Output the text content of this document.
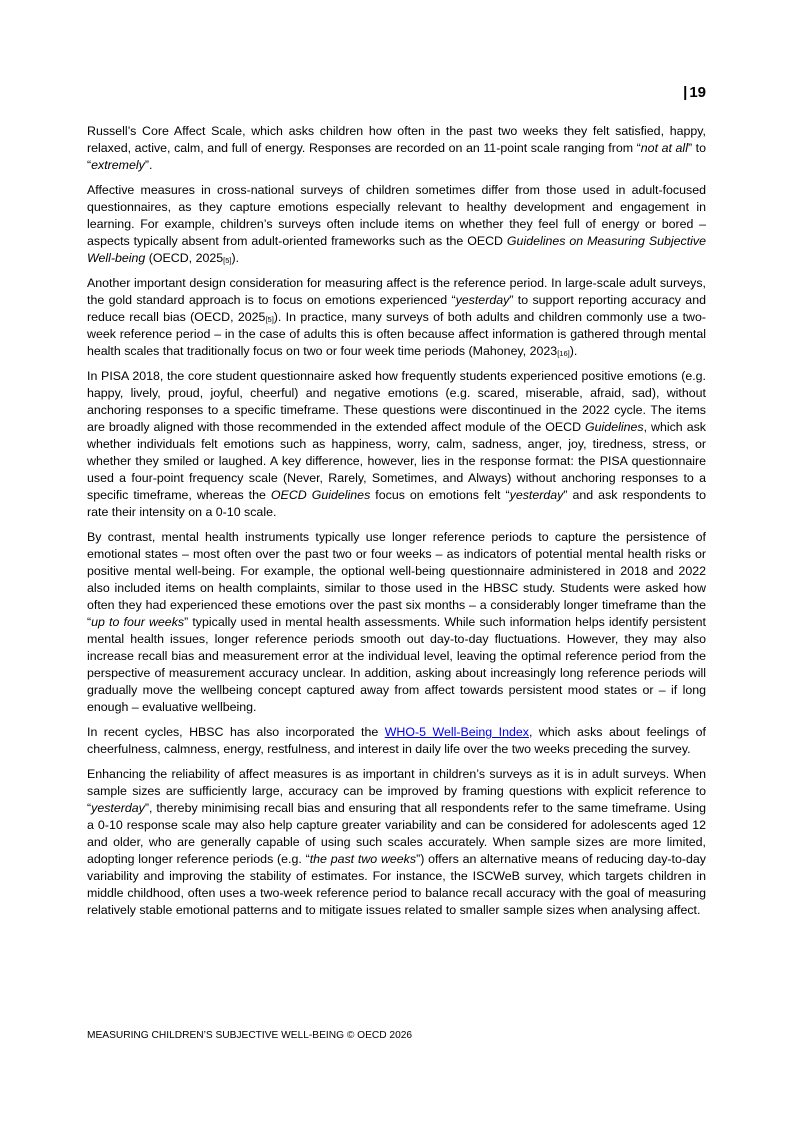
| 19

Russell’s Core Affect Scale, which asks children how often in the past two weeks they felt satisfied, happy, relaxed, active, calm, and full of energy. Responses are recorded on an 11-point scale ranging from “not at all” to “extremely”.

Affective measures in cross-national surveys of children sometimes differ from those used in adult-focused questionnaires, as they capture emotions especially relevant to healthy development and engagement in learning. For example, children’s surveys often include items on whether they feel full of energy or bored – aspects typically absent from adult-oriented frameworks such as the OECD Guidelines on Measuring Subjective Well-being (OECD, $2025_{[5]}$).

Another important design consideration for measuring affect is the reference period. In large-scale adult surveys, the gold standard approach is to focus on emotions experienced “yesterday” to support reporting accuracy and reduce recall bias (OECD, $2025_{[5]}$). In practice, many surveys of both adults and children commonly use a two-week reference period – in the case of adults this is often because affect information is gathered through mental health scales that traditionally focus on two or four week time periods (Mahoney, $2023_{[16]}$).

In PISA 2018, the core student questionnaire asked how frequently students experienced positive emotions (e.g. happy, lively, proud, joyful, cheerful) and negative emotions (e.g. scared, miserable, afraid, sad), without anchoring responses to a specific timeframe. These questions were discontinued in the 2022 cycle. The items are broadly aligned with those recommended in the extended affect module of the OECD Guidelines, which ask whether individuals felt emotions such as happiness, worry, calm, sadness, anger, joy, tiredness, stress, or whether they smiled or laughed. A key difference, however, lies in the response format: the PISA questionnaire used a four-point frequency scale (Never, Rarely, Sometimes, and Always) without anchoring responses to a specific timeframe, whereas the OECD Guidelines focus on emotions felt “yesterday” and ask respondents to rate their intensity on a 0-10 scale.

By contrast, mental health instruments typically use longer reference periods to capture the persistence of emotional states – most often over the past two or four weeks – as indicators of potential mental health risks or positive mental well-being. For example, the optional well-being questionnaire administered in 2018 and 2022 also included items on health complaints, similar to those used in the HBSC study. Students were asked how often they had experienced these emotions over the past six months – a considerably longer timeframe than the “up to four weeks” typically used in mental health assessments. While such information helps identify persistent mental health issues, longer reference periods smooth out day-to-day fluctuations. However, they may also increase recall bias and measurement error at the individual level, leaving the optimal reference period from the perspective of measurement accuracy unclear. In addition, asking about increasingly long reference periods will gradually move the wellbeing concept captured away from affect towards persistent mood states or – if long enough – evaluative wellbeing.

In recent cycles, HBSC has also incorporated the WHO-5 Well-Being Index, which asks about feelings of cheerfulness, calmness, energy, restfulness, and interest in daily life over the two weeks preceding the survey.

Enhancing the reliability of affect measures is as important in children’s surveys as it is in adult surveys. When sample sizes are sufficiently large, accuracy can be improved by framing questions with explicit reference to “yesterday”, thereby minimising recall bias and ensuring that all respondents refer to the same timeframe. Using a 0-10 response scale may also help capture greater variability and can be considered for adolescents aged 12 and older, who are generally capable of using such scales accurately. When sample sizes are more limited, adopting longer reference periods (e.g. “the past two weeks”) offers an alternative means of reducing day-to-day variability and improving the stability of estimates. For instance, the ISCWeB survey, which targets children in middle childhood, often uses a two-week reference period to balance recall accuracy with the goal of measuring relatively stable emotional patterns and to mitigate issues related to smaller sample sizes when analysing affect.

MEASURING CHILDREN’S SUBJECTIVE WELL-BEING © OECD 2026
